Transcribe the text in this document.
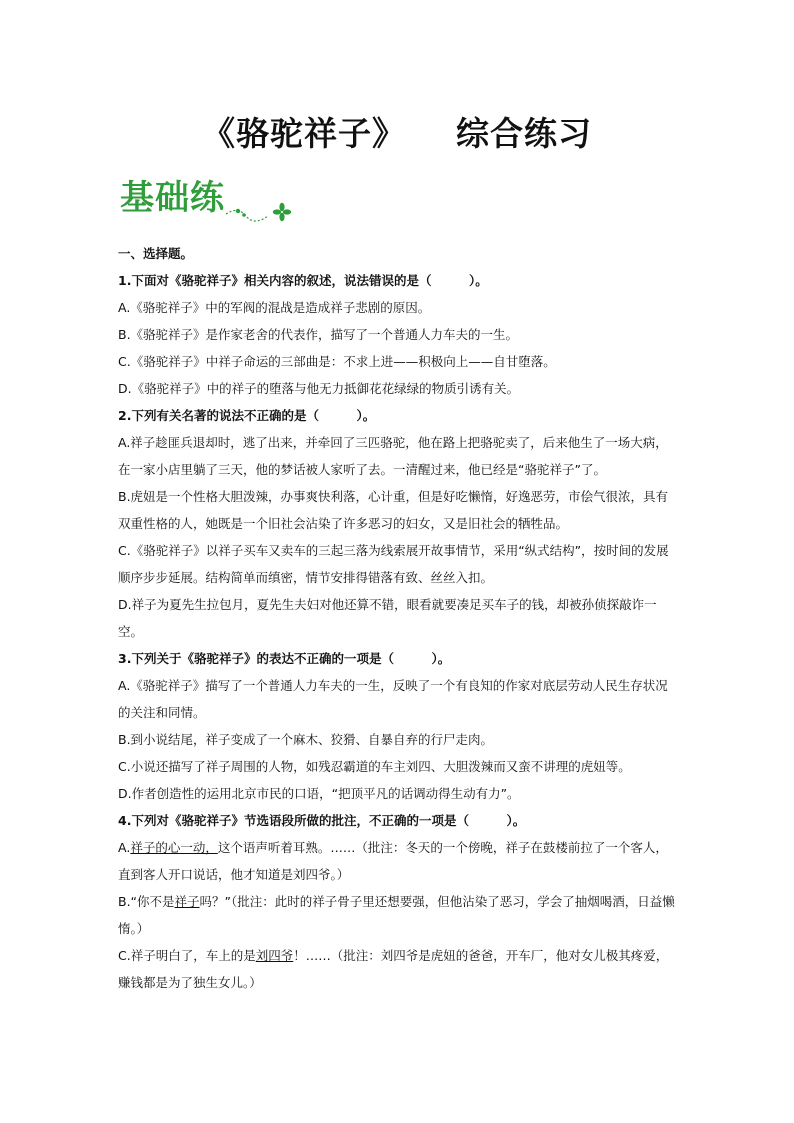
《骆驼祥子》    综合练习
基础练
一、选择题。
1.下面对《骆驼祥子》相关内容的叙述，说法错误的是（　　　）。
A.《骆驼祥子》中的军阀的混战是造成祥子悲剧的原因。
B.《骆驼祥子》是作家老舍的代表作，描写了一个普通人力车夫的一生。
C.《骆驼祥子》中祥子命运的三部曲是：不求上进——积极向上——自甘堕落。
D.《骆驼祥子》中的祥子的堕落与他无力抵御花花绿绿的物质引诱有关。
2.下列有关名著的说法不正确的是（　　　）。
A.祥子趁匪兵退却时，逃了出来，并牵回了三匹骆驼，他在路上把骆驼卖了，后来他生了一场大病，在一家小店里躺了三天，他的梦话被人家听了去。一清醒过来，他已经是“骆驼祥子”了。
B.虎妞是一个性格大胆泼辣，办事爽快利落，心计重，但是好吃懒惰，好逸恶劳，市侩气很浓，具有双重性格的人，她既是一个旧社会沾染了许多恶习的妇女，又是旧社会的牺牲品。
C.《骆驼祥子》以祥子买车又卖车的三起三落为线索展开故事情节，采用“纵式结构”，按时间的发展顺序步步延展。结构简单而缜密，情节安排得错落有致、丝丝入扣。
D.祥子为夏先生拉包月，夏先生夫妇对他还算不错，眼看就要凑足买车子的钱，却被孙侦探敲诈一空。
3.下列关于《骆驼祥子》的表达不正确的一项是（　　　）。
A.《骆驼祥子》描写了一个普通人力车夫的一生，反映了一个有良知的作家对底层劳动人民生存状况的关注和同情。
B.到小说结尾，祥子变成了一个麻木、狡猾、自暴自弃的行尸走肉。
C.小说还描写了祥子周围的人物，如残忍霸道的车主刘四、大胆泼辣而又蛮不讲理的虎妞等。
D.作者创造性的运用北京市民的口语，“把顶平凡的话调动得生动有力”。
4.下列对《骆驼祥子》节选语段所做的批注，不正确的一项是（　　　）。
A.祥子的心一动，这个语声听着耳熟。……（批注：冬天的一个傍晚，祥子在鼓楼前拉了一个客人，直到客人开口说话，他才知道是刘四爷。）
B.“你不是祥子吗？”（批注：此时的祥子骨子里还想要强，但他沾染了恶习，学会了抽烟喝酒，日益懒惰。）
C.祥子明白了，车上的是刘四爷！……（批注：刘四爷是虎妞的爸爸，开车厂，他对女儿极其疼爱，赚钱都是为了独生女儿。）
